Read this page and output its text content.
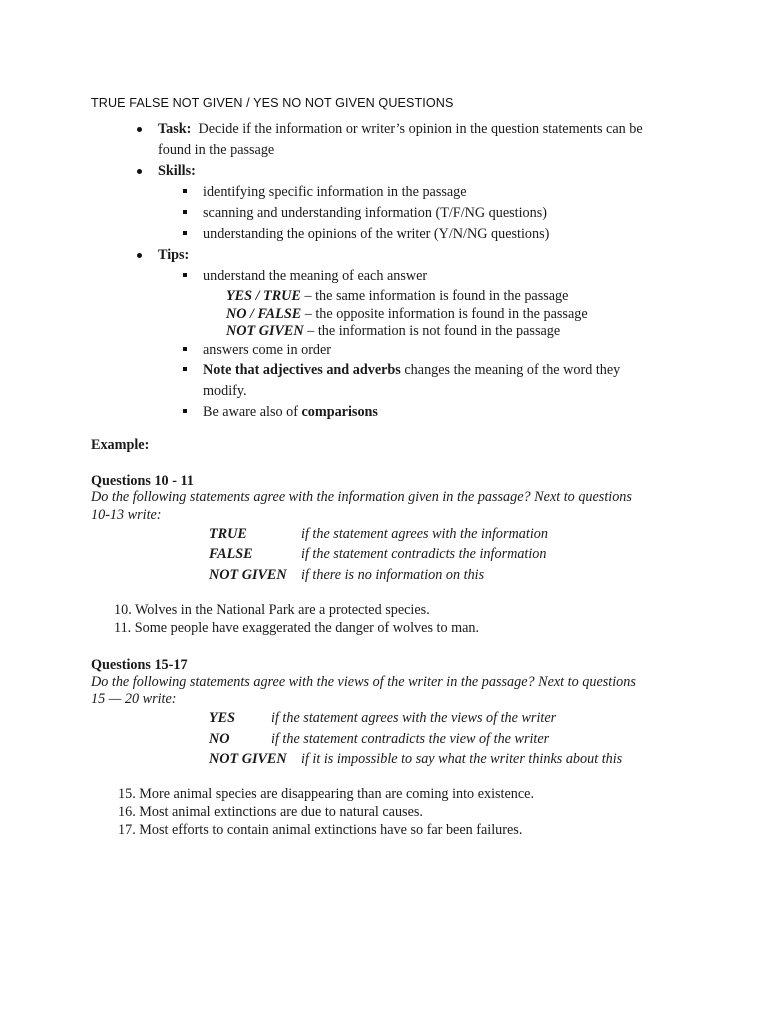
TRUE FALSE NOT GIVEN / YES NO NOT GIVEN QUESTIONS
Task: Decide if the information or writer’s opinion in the question statements can be
found in the passage
Skills:
identifying specific information in the passage
scanning and understanding information (T/F/NG questions)
understanding the opinions of the writer (Y/N/NG questions)
Tips:
understand the meaning of each answer
YES / TRUE – the same information is found in the passage
NO / FALSE – the opposite information is found in the passage
NOT GIVEN – the information is not found in the passage
answers come in order
Note that adjectives and adverbs changes the meaning of the word they
modify.
Be aware also of comparisons
Example:
Questions 10 - 11
Do the following statements agree with the information given in the passage? Next to questions
10-13 write:
TRUE	if the statement agrees with the information
FALSE	if the statement contradicts the information
NOT GIVEN if there is no information on this
10. Wolves in the National Park are a protected species.
11. Some people have exaggerated the danger of wolves to man.
Questions 15-17
Do the following statements agree with the views of the writer in the passage? Next to questions
15 — 20 write:
YES	if the statement agrees with the views of the writer
NO	if the statement contradicts the view of the writer
NOT GIVEN if it is impossible to say what the writer thinks about this
15. More animal species are disappearing than are coming into existence.
16. Most animal extinctions are due to natural causes.
17. Most efforts to contain animal extinctions have so far been failures.
